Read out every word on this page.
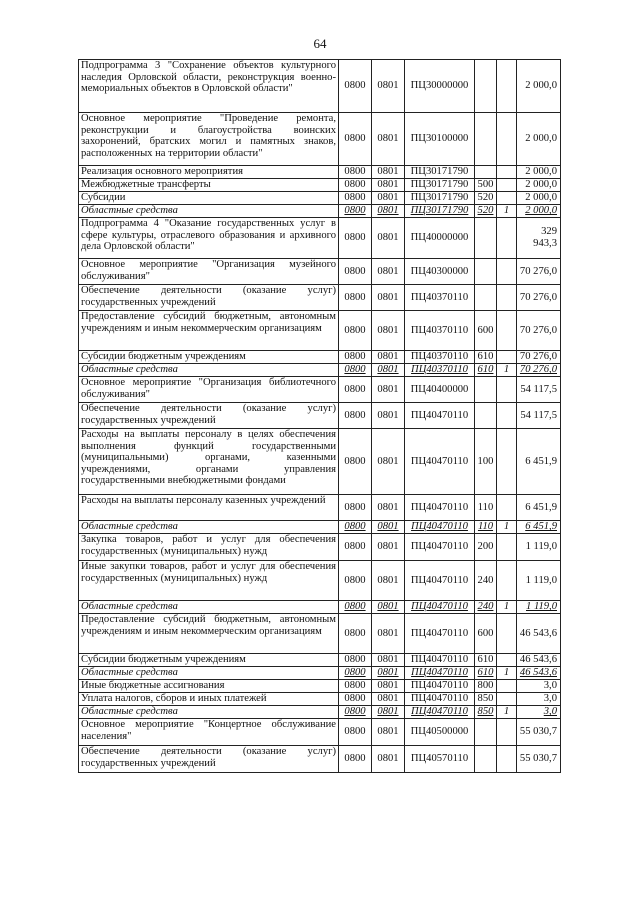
64
Подпрограмма 3 "Сохранение объектов культурного наследия Орловской области, реконструкция военно-мемориальных объектов в Орловской области"	0800	0801	ПЦ30000000			2 000,0
Основное мероприятие "Проведение ремонта, реконструкции и благоустройства воинских захоронений, братских могил и памятных знаков, расположенных на территории области"	0800	0801	ПЦ30100000			2 000,0
Реализация основного мероприятия	0800	0801	ПЦ30171790			2 000,0
Межбюджетные трансферты	0800	0801	ПЦ30171790	500		2 000,0
Субсидии	0800	0801	ПЦ30171790	520		2 000,0
Областные средства	0800	0801	ПЦ30171790	520	1	2 000,0
Подпрограмма 4 "Оказание государственных услуг в сфере культуры, отраслевого образования и архивного дела Орловской области"	0800	0801	ПЦ40000000			329 943,3
Основное мероприятие "Организация музейного обслуживания"	0800	0801	ПЦ40300000			70 276,0
Обеспечение деятельности (оказание услуг) государственных учреждений	0800	0801	ПЦ40370110			70 276,0
Предоставление субсидий бюджетным, автономным учреждениям и иным некоммерческим организациям	0800	0801	ПЦ40370110	600		70 276,0
Субсидии бюджетным учреждениям	0800	0801	ПЦ40370110	610		70 276,0
Областные средства	0800	0801	ПЦ40370110	610	1	70 276,0
Основное мероприятие "Организация библиотечного обслуживания"	0800	0801	ПЦ40400000			54 117,5
Обеспечение деятельности (оказание услуг) государственных учреждений	0800	0801	ПЦ40470110			54 117,5
Расходы на выплаты персоналу в целях обеспечения выполнения функций государственными (муниципальными) органами, казенными учреждениями, органами управления государственными внебюджетными фондами	0800	0801	ПЦ40470110	100		6 451,9
Расходы на выплаты персоналу казенных учреждений	0800	0801	ПЦ40470110	110		6 451,9
Областные средства	0800	0801	ПЦ40470110	110	1	6 451,9
Закупка товаров, работ и услуг для обеспечения государственных (муниципальных) нужд	0800	0801	ПЦ40470110	200		1 119,0
Иные закупки товаров, работ и услуг для обеспечения государственных (муниципальных) нужд	0800	0801	ПЦ40470110	240		1 119,0
Областные средства	0800	0801	ПЦ40470110	240	1	1 119,0
Предоставление субсидий бюджетным, автономным учреждениям и иным некоммерческим организациям	0800	0801	ПЦ40470110	600		46 543,6
Субсидии бюджетным учреждениям	0800	0801	ПЦ40470110	610		46 543,6
Областные средства	0800	0801	ПЦ40470110	610	1	46 543,6
Иные бюджетные ассигнования	0800	0801	ПЦ40470110	800		3,0
Уплата налогов, сборов и иных платежей	0800	0801	ПЦ40470110	850		3,0
Областные средства	0800	0801	ПЦ40470110	850	1	3,0
Основное мероприятие "Концертное обслуживание населения"	0800	0801	ПЦ40500000			55 030,7
Обеспечение деятельности (оказание услуг) государственных учреждений	0800	0801	ПЦ40570110			55 030,7
